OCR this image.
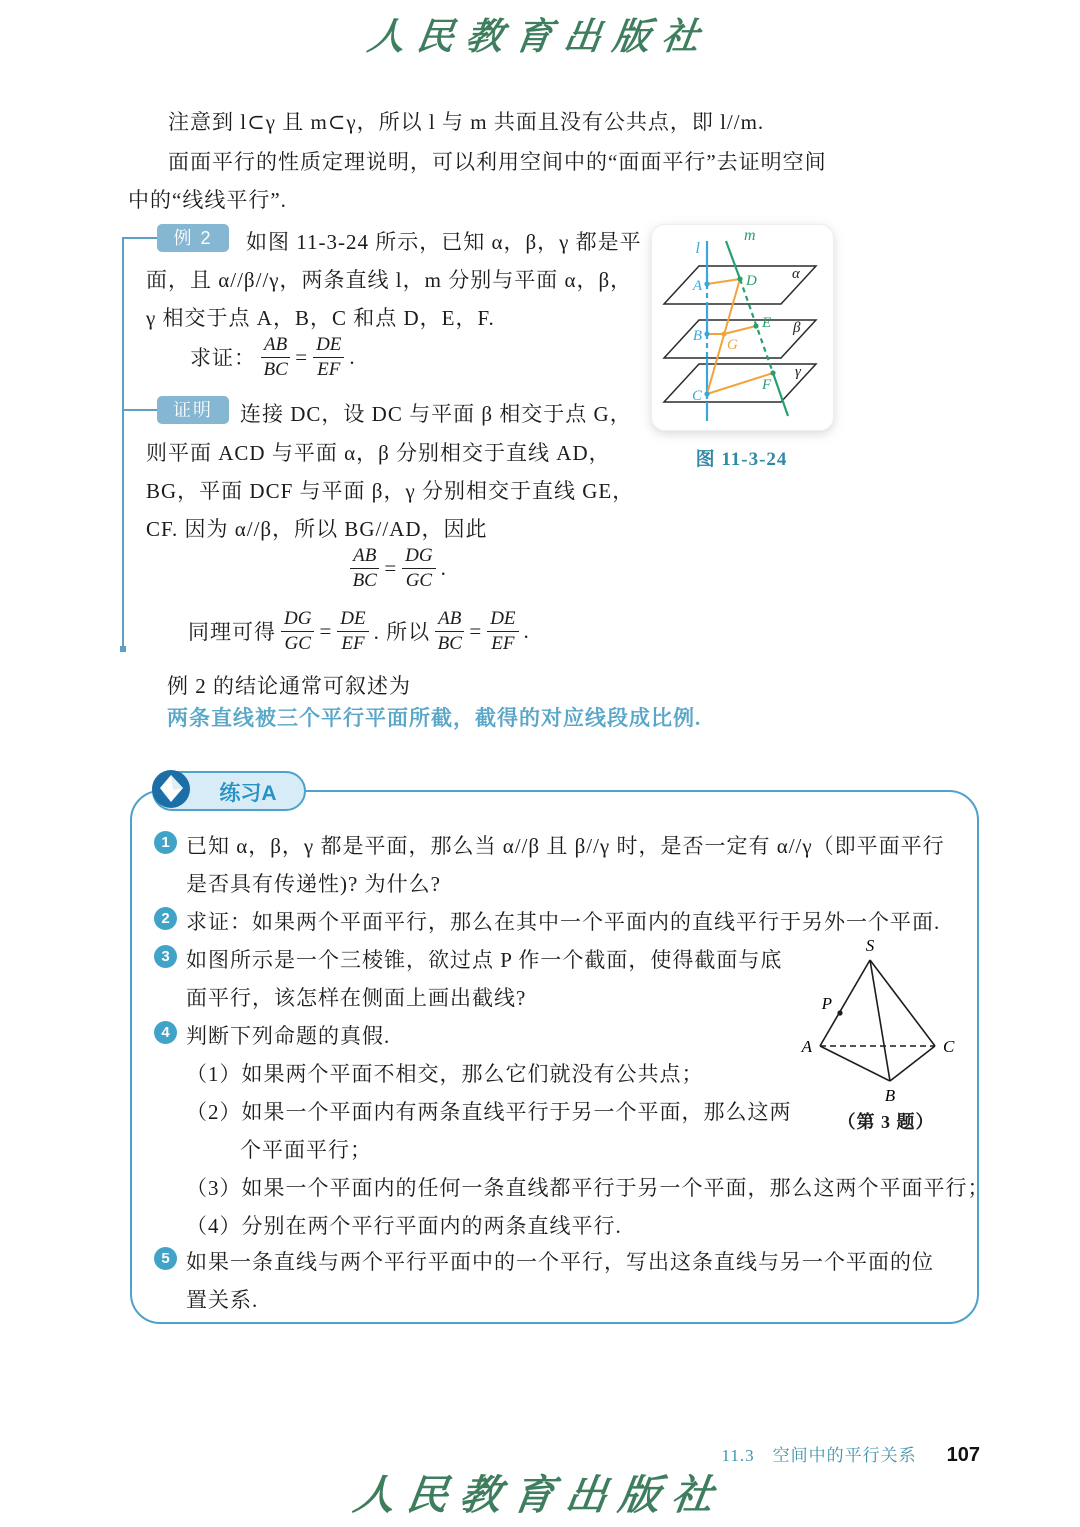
人民教育出版社
注意到 l⊂γ 且 m⊂γ，所以 l 与 m 共面且没有公共点，即 l//m.
面面平行的性质定理说明，可以利用空间中的“面面平行”去证明空间
中的“线线平行”.
例 2	如图 11-3-24 所示，已知 α，β，γ 都是平
面，且 α//β//γ，两条直线 l，m 分别与平面 α，β，
γ 相交于点 A，B，C 和点 D，E，F.
求证： $\frac{AB}{BC} = \frac{DE}{EF}$ .
l
m
α
β
γ
A
B
C
D
E
F
G
图 11-3-24
证明	连接 DC，设 DC 与平面 β 相交于点 G，
则平面 ACD 与平面 α，β 分别相交于直线 AD，
BG，平面 DCF 与平面 β，γ 分别相交于直线 GE，
CF. 因为 α//β，所以 BG//AD，因此
$\frac{AB}{BC} = \frac{DG}{GC}$ .
同理可得 $\frac{DG}{GC} = \frac{DE}{EF}$ . 所以 $\frac{AB}{BC} = \frac{DE}{EF}$ .
例 2 的结论通常可叙述为
两条直线被三个平行平面所截，截得的对应线段成比例.
练习A
1 已知 α，β，γ 都是平面，那么当 α//β 且 β//γ 时，是否一定有 α//γ（即平面平行
是否具有传递性)? 为什么?
2 求证：如果两个平面平行，那么在其中一个平面内的直线平行于另外一个平面.
3 如图所示是一个三棱锥，欲过点 P 作一个截面，使得截面与底
面平行，该怎样在侧面上画出截线?
4 判断下列命题的真假.
（1）如果两个平面不相交，那么它们就没有公共点；
（2）如果一个平面内有两条直线平行于另一个平面，那么这两
个平面平行；
（3）如果一个平面内的任何一条直线都平行于另一个平面，那么这两个平面平行；
（4）分别在两个平行平面内的两条直线平行.
5 如果一条直线与两个平行平面中的一个平行，写出这条直线与另一个平面的位
置关系.
S
P
A	C
B
（第 3 题）
11.3　空间中的平行关系 107
人民教育出版社
